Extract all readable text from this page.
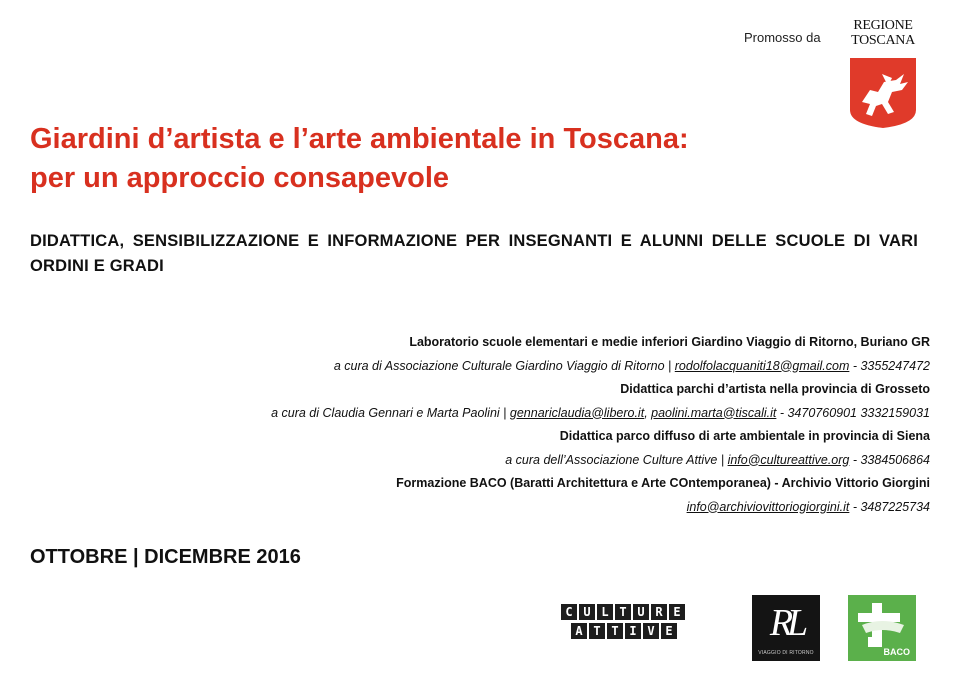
Promosso da
REGIONE
TOSCANA
Giardini d’artista e l’arte ambientale in Toscana:
per un approccio consapevole

DIDATTICA, SENSIBILIZZAZIONE E INFORMAZIONE PER INSEGNANTI E ALUNNI DELLE SCUOLE DI VARI ORDINI E GRADI

Laboratorio scuole elementari e medie inferiori Giardino Viaggio di Ritorno, Buriano GR
a cura di Associazione Culturale Giardino Viaggio di Ritorno | rodolfolacquaniti18@gmail.com - 3355247472
Didattica parchi d’artista nella provincia di Grosseto
a cura di Claudia Gennari e Marta Paolini | gennariclaudia@libero.it, paolini.marta@tiscali.it - 3470760901 3332159031
Didattica parco diffuso di arte ambientale in provincia di Siena
a cura dell’Associazione Culture Attive | info@cultureattive.org - 3384506864
Formazione BACO (Baratti Architettura e Arte COntemporanea) - Archivio Vittorio Giorgini
info@archiviovittoriogiorgini.it - 3487225734
OTTOBRE | DICEMBRE 2016
C U L T U R E
A T T I V E	RL
VIAGGIO DI RITORNO	BACO
